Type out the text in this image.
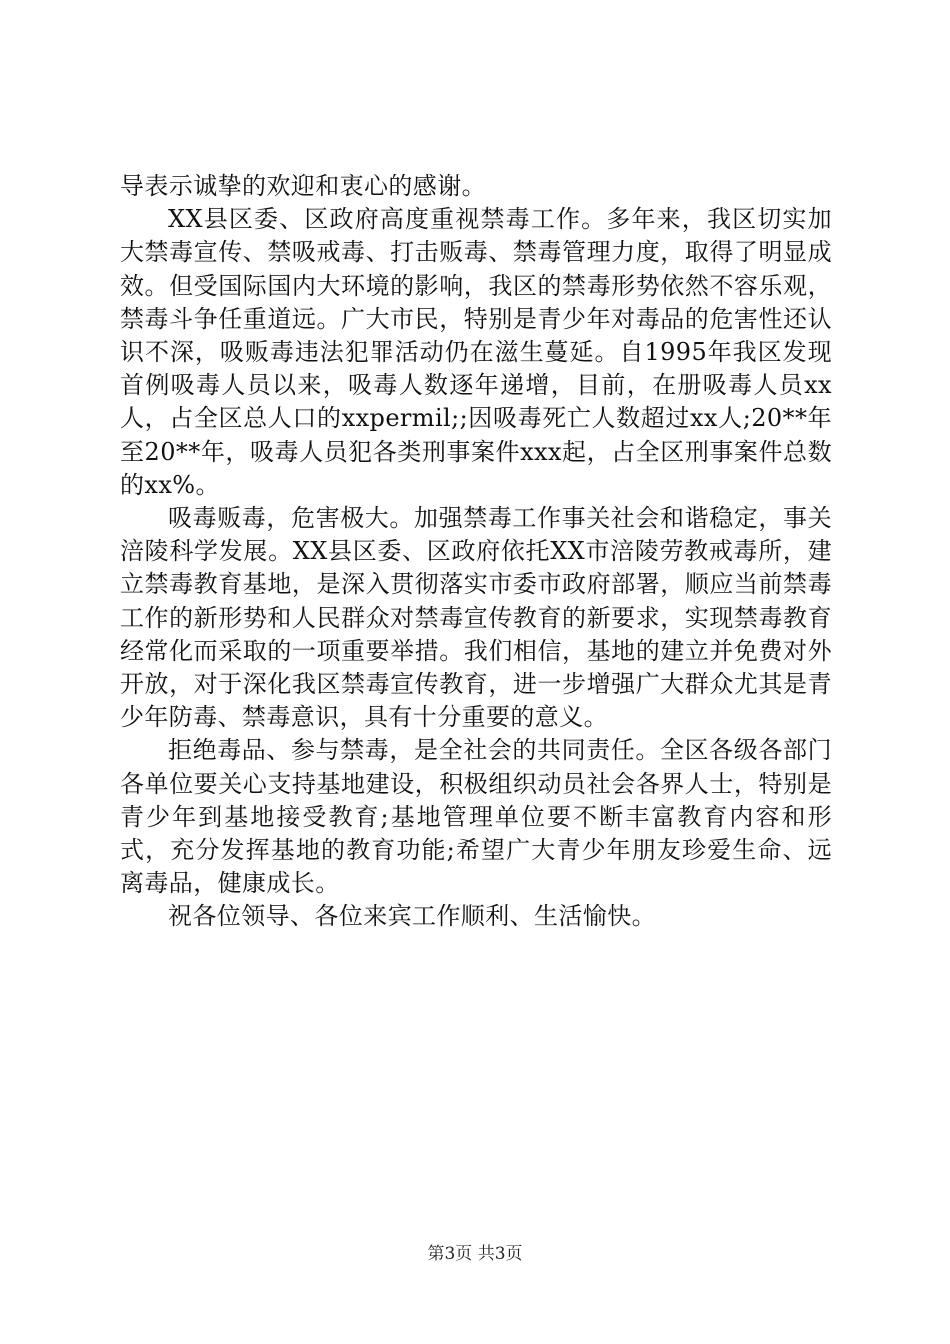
导表示诚挚的欢迎和衷心的感谢。

XX县区委、区政府高度重视禁毒工作。多年来，我区切实加大禁毒宣传、禁吸戒毒、打击贩毒、禁毒管理力度，取得了明显成效。但受国际国内大环境的影响，我区的禁毒形势依然不容乐观，禁毒斗争任重道远。广大市民，特别是青少年对毒品的危害性还认识不深，吸贩毒违法犯罪活动仍在滋生蔓延。自1995年我区发现首例吸毒人员以来，吸毒人数逐年递增，目前，在册吸毒人员xx人，占全区总人口的xxpermil;;因吸毒死亡人数超过xx人;20**年至20**年，吸毒人员犯各类刑事案件xxx起，占全区刑事案件总数的xx%。

吸毒贩毒，危害极大。加强禁毒工作事关社会和谐稳定，事关涪陵科学发展。XX县区委、区政府依托XX市涪陵劳教戒毒所，建立禁毒教育基地，是深入贯彻落实市委市政府部署，顺应当前禁毒工作的新形势和人民群众对禁毒宣传教育的新要求，实现禁毒教育经常化而采取的一项重要举措。我们相信，基地的建立并免费对外开放，对于深化我区禁毒宣传教育，进一步增强广大群众尤其是青少年防毒、禁毒意识，具有十分重要的意义。

拒绝毒品、参与禁毒，是全社会的共同责任。全区各级各部门各单位要关心支持基地建设，积极组织动员社会各界人士，特别是青少年到基地接受教育;基地管理单位要不断丰富教育内容和形式，充分发挥基地的教育功能;希望广大青少年朋友珍爱生命、远离毒品，健康成长。

祝各位领导、各位来宾工作顺利、生活愉快。

第3页 共3页
